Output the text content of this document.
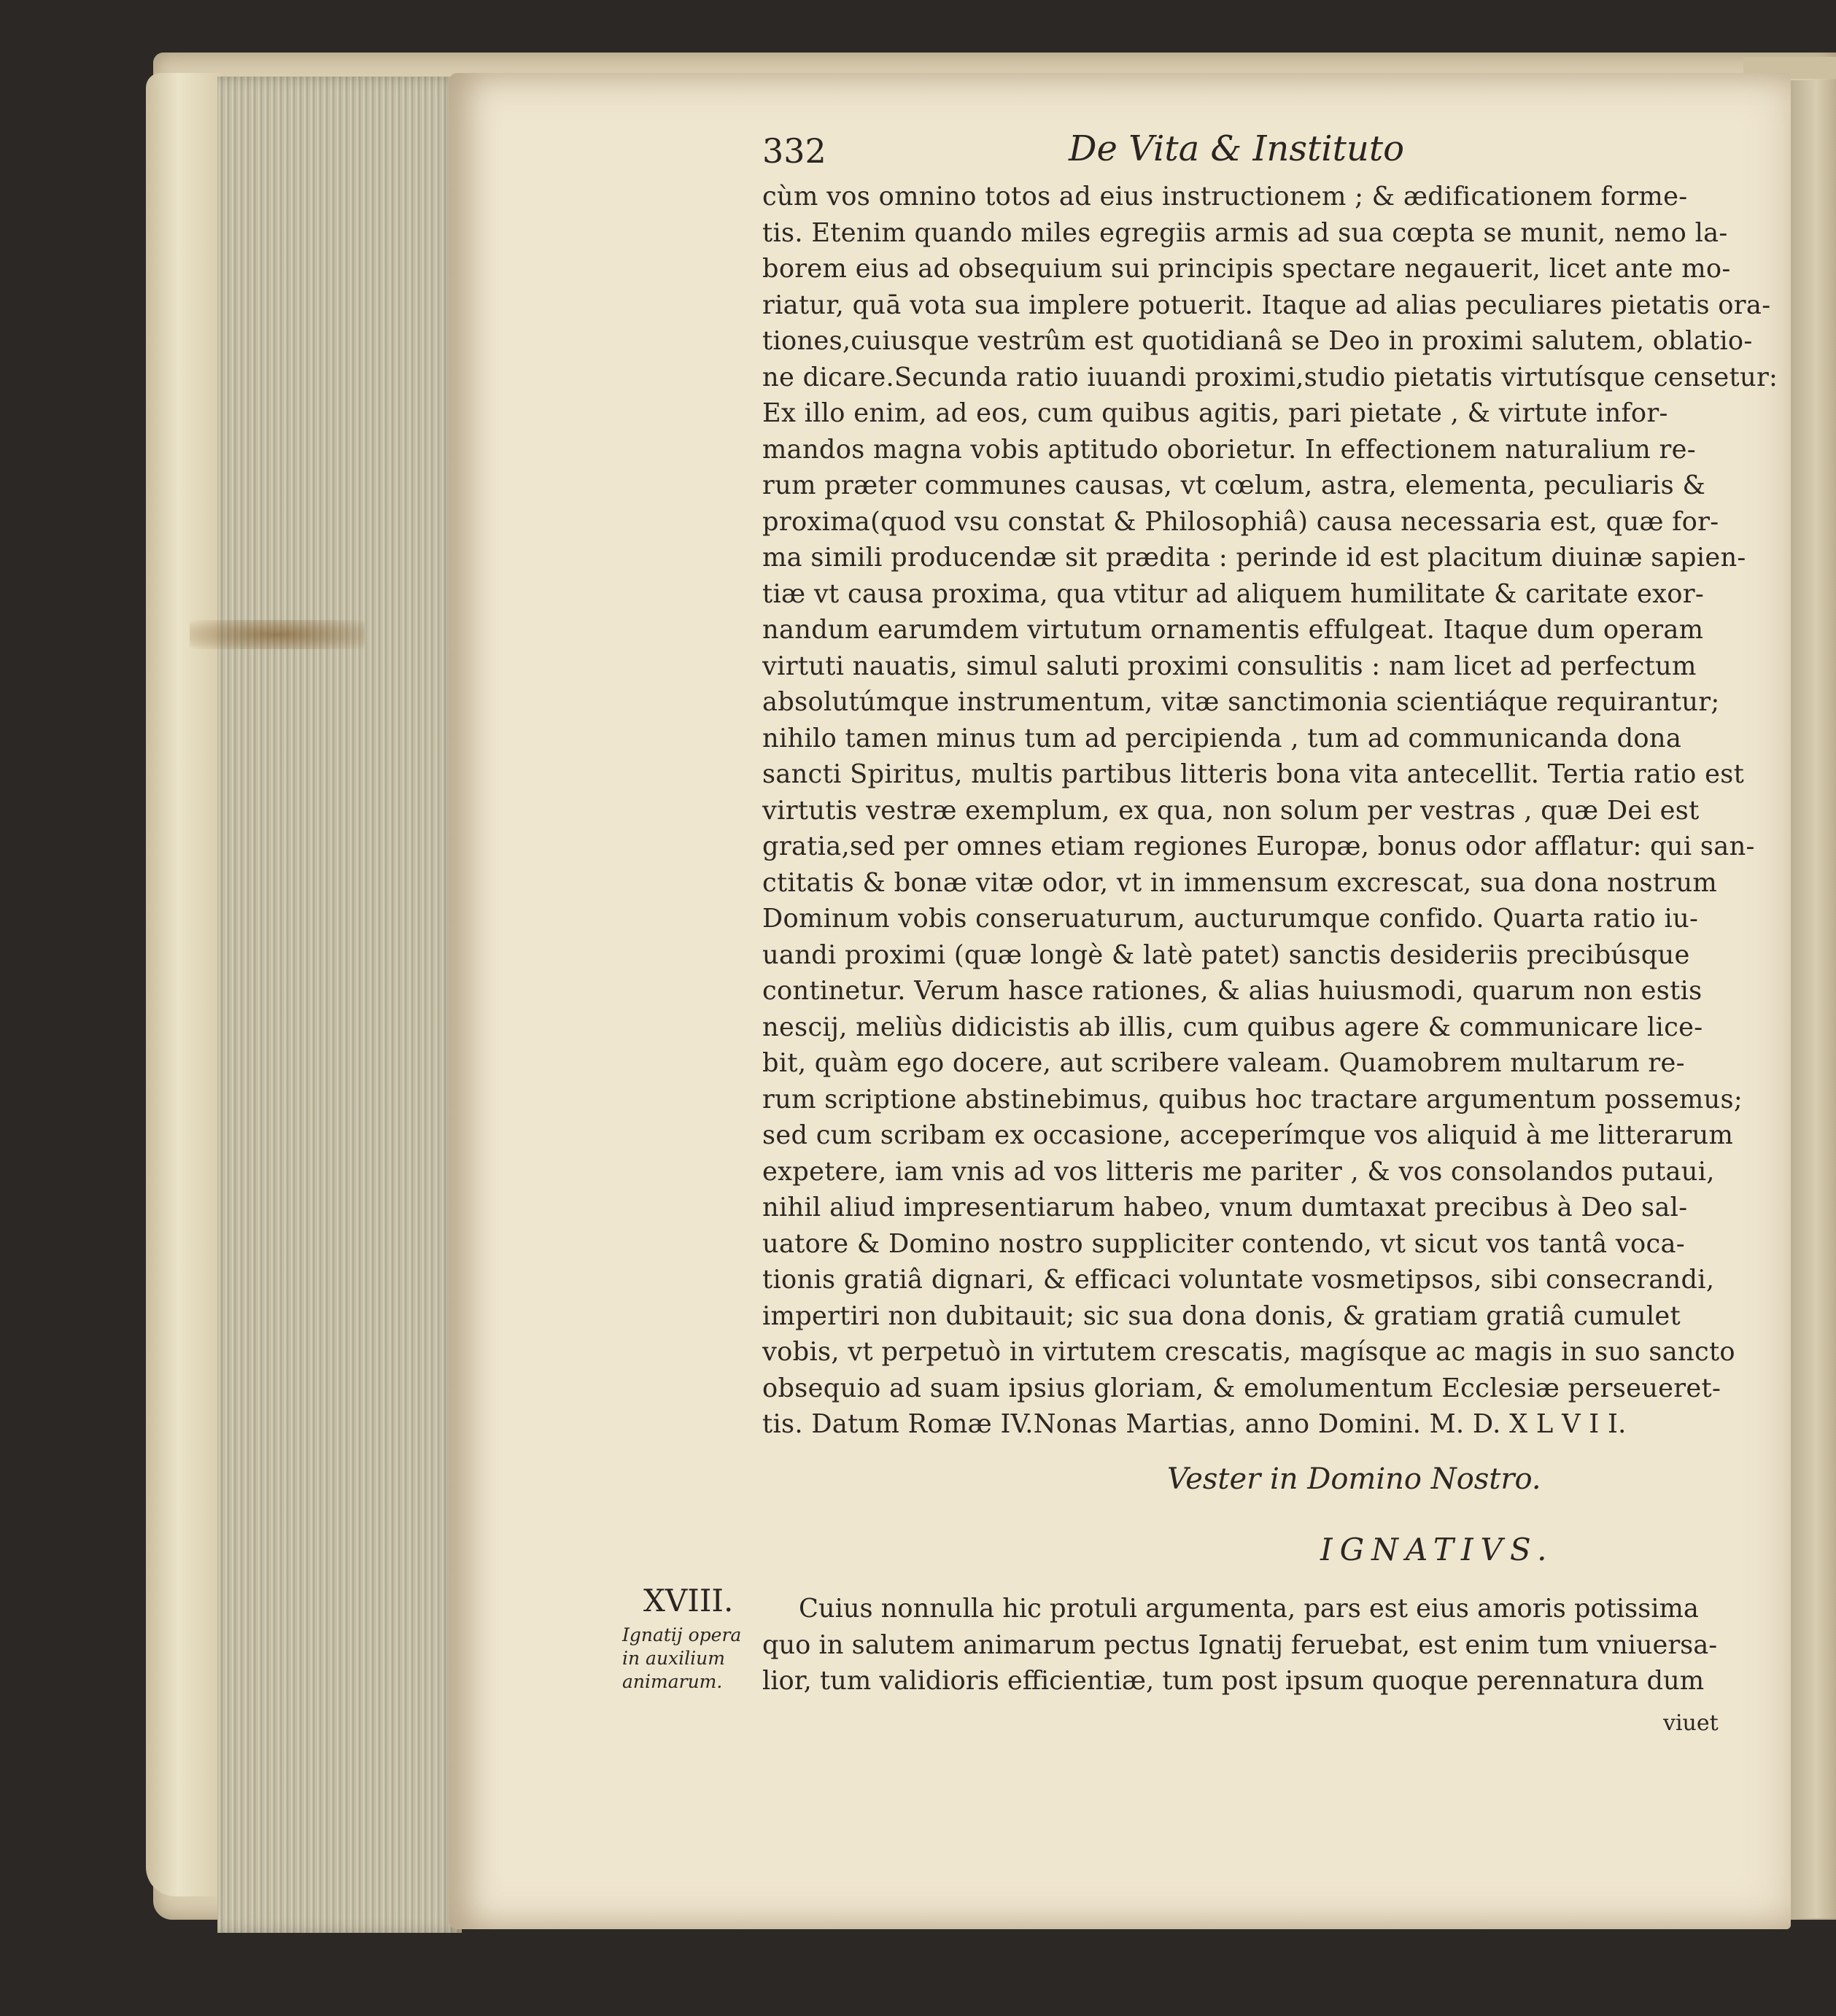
332	De Vita & Instituto
cùm vos omnino totos ad eius instructionem ; & ædificationem forme-
tis. Etenim quando miles egregiis armis ad sua cœpta se munit, nemo la-
borem eius ad obsequium sui principis spectare negauerit, licet ante mo-
riatur, quā vota sua implere potuerit. Itaque ad alias peculiares pietatis ora-
tiones,cuiusque vestrûm est quotidianâ se Deo in proximi salutem, oblatio-
ne dicare.Secunda ratio iuuandi proximi,studio pietatis virtutísque censetur:
Ex illo enim, ad eos, cum quibus agitis, pari pietate , & virtute infor-
mandos magna vobis aptitudo oborietur. In effectionem naturalium re-
rum præter communes causas, vt cœlum, astra, elementa, peculiaris &
proxima(quod vsu constat & Philosophiâ) causa necessaria est, quæ for-
ma simili producendæ sit prædita : perinde id est placitum diuinæ sapien-
tiæ vt causa proxima, qua vtitur ad aliquem humilitate & caritate exor-
nandum earumdem virtutum ornamentis effulgeat. Itaque dum operam
virtuti nauatis, simul saluti proximi consulitis : nam licet ad perfectum
absolutúmque instrumentum, vitæ sanctimonia scientiáque requirantur;
nihilo tamen minus tum ad percipienda , tum ad communicanda dona
sancti Spiritus, multis partibus litteris bona vita antecellit. Tertia ratio est
virtutis vestræ exemplum, ex qua, non solum per vestras , quæ Dei est
gratia,sed per omnes etiam regiones Europæ, bonus odor afflatur: qui san-
ctitatis & bonæ vitæ odor, vt in immensum excrescat, sua dona nostrum
Dominum vobis conseruaturum, aucturumque confido. Quarta ratio iu-
uandi proximi (quæ longè & latè patet) sanctis desideriis precibúsque
continetur. Verum hasce rationes, & alias huiusmodi, quarum non estis
nescij, meliùs didicistis ab illis, cum quibus agere & communicare lice-
bit, quàm ego docere, aut scribere valeam. Quamobrem multarum re-
rum scriptione abstinebimus, quibus hoc tractare argumentum possemus;
sed cum scribam ex occasione, acceperímque vos aliquid à me litterarum
expetere, iam vnis ad vos litteris me pariter , & vos consolandos putaui,
nihil aliud impresentiarum habeo, vnum dumtaxat precibus à Deo sal-
uatore & Domino nostro suppliciter contendo, vt sicut vos tantâ voca-
tionis gratiâ dignari, & efficaci voluntate vosmetipsos, sibi consecrandi,
impertiri non dubitauit; sic sua dona donis, & gratiam gratiâ cumulet
vobis, vt perpetuò in virtutem crescatis, magísque ac magis in suo sancto
obsequio ad suam ipsius gloriam, & emolumentum Ecclesiæ perseueret-
tis. Datum Romæ IV.Nonas Martias, anno Domini. M. D. X L V I I.
Vester in Domino Nostro.
IGNATIVS.
XVIII.
Ignatij opera
in auxilium
animarum.
Cuius nonnulla hic protuli argumenta, pars est eius amoris potissima
quo in salutem animarum pectus Ignatij feruebat, est enim tum vniuersa-
lior, tum validioris efficientiæ, tum post ipsum quoque perennatura dum
viuet
